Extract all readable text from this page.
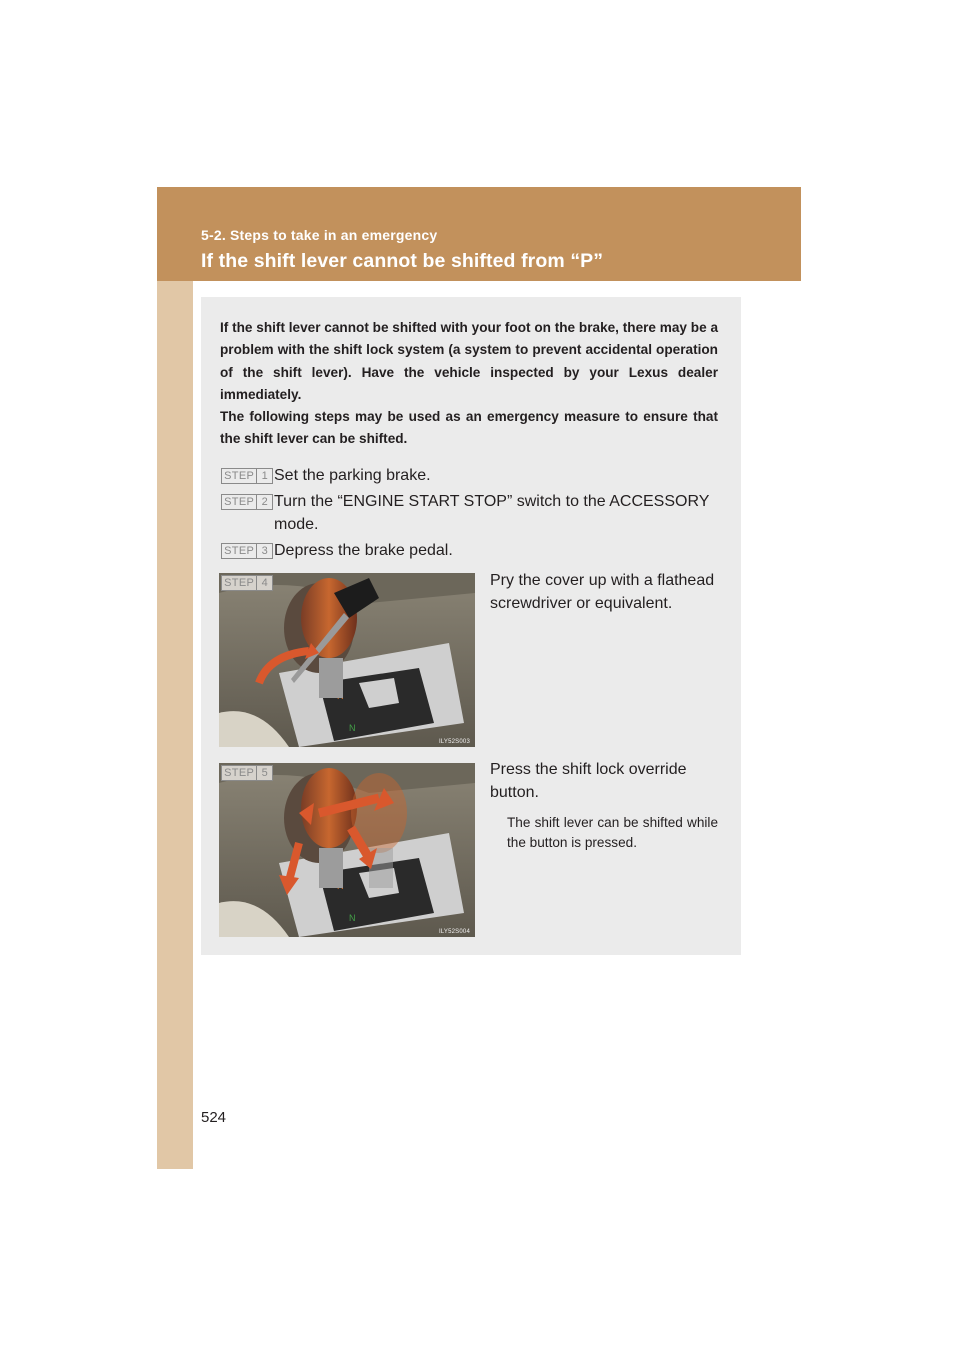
5-2. Steps to take in an emergency
If the shift lever cannot be shifted from “P”

If the shift lever cannot be shifted with your foot on the brake, there may be a problem with the shift lock system (a system to prevent accidental operation of the shift lever). Have the vehicle inspected by your Lexus dealer immediately.

The following steps may be used as an emergency measure to ensure that the shift lever can be shifted.

STEP 1 Set the parking brake.
STEP 2 Turn the “ENGINE START STOP” switch to the ACCESSORY mode.
STEP 3 Depress the brake pedal.
N
STEP 4
ILY52S003
Pry the cover up with a flathead screwdriver or equivalent.
N
STEP 5
ILY52S004
Press the shift lock override button.
The shift lever can be shifted while the button is pressed.
524
